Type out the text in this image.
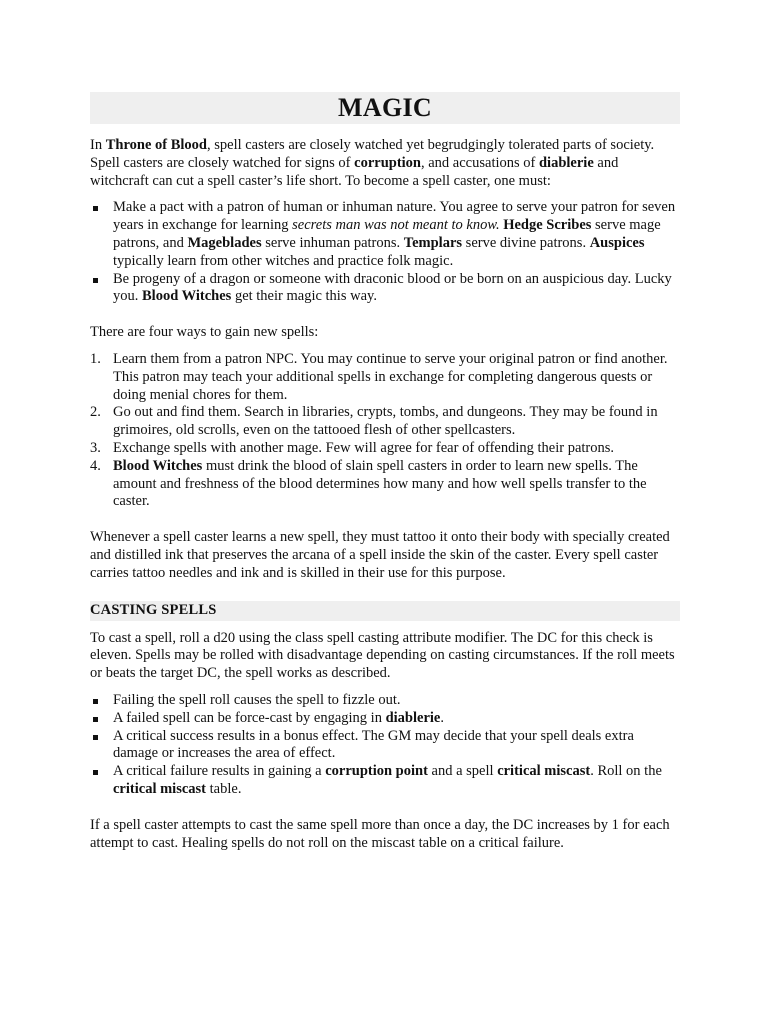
MAGIC

In Throne of Blood, spell casters are closely watched yet begrudgingly tolerated parts of society. Spell casters are closely watched for signs of corruption, and accusations of diablerie and witchcraft can cut a spell caster’s life short. To become a spell caster, one must:

Make a pact with a patron of human or inhuman nature. You agree to serve your patron for seven years in exchange for learning secrets man was not meant to know. Hedge Scribes serve mage patrons, and Mageblades serve inhuman patrons. Templars serve divine patrons. Auspices typically learn from other witches and practice folk magic.
Be progeny of a dragon or someone with draconic blood or be born on an auspicious day. Lucky you. Blood Witches get their magic this way.

There are four ways to gain new spells:

1. Learn them from a patron NPC. You may continue to serve your original patron or find another. This patron may teach your additional spells in exchange for completing dangerous quests or doing menial chores for them.
2. Go out and find them. Search in libraries, crypts, tombs, and dungeons. They may be found in grimoires, old scrolls, even on the tattooed flesh of other spellcasters.
3. Exchange spells with another mage. Few will agree for fear of offending their patrons.
4. Blood Witches must drink the blood of slain spell casters in order to learn new spells. The amount and freshness of the blood determines how many and how well spells transfer to the caster.

Whenever a spell caster learns a new spell, they must tattoo it onto their body with specially created and distilled ink that preserves the arcana of a spell inside the skin of the caster. Every spell caster carries tattoo needles and ink and is skilled in their use for this purpose.

CASTING SPELLS

To cast a spell, roll a d20 using the class spell casting attribute modifier. The DC for this check is eleven. Spells may be rolled with disadvantage depending on casting circumstances. If the roll meets or beats the target DC, the spell works as described.

Failing the spell roll causes the spell to fizzle out.
A failed spell can be force-cast by engaging in diablerie.
A critical success results in a bonus effect. The GM may decide that your spell deals extra damage or increases the area of effect.
A critical failure results in gaining a corruption point and a spell critical miscast. Roll on the critical miscast table.

If a spell caster attempts to cast the same spell more than once a day, the DC increases by 1 for each attempt to cast. Healing spells do not roll on the miscast table on a critical failure.
